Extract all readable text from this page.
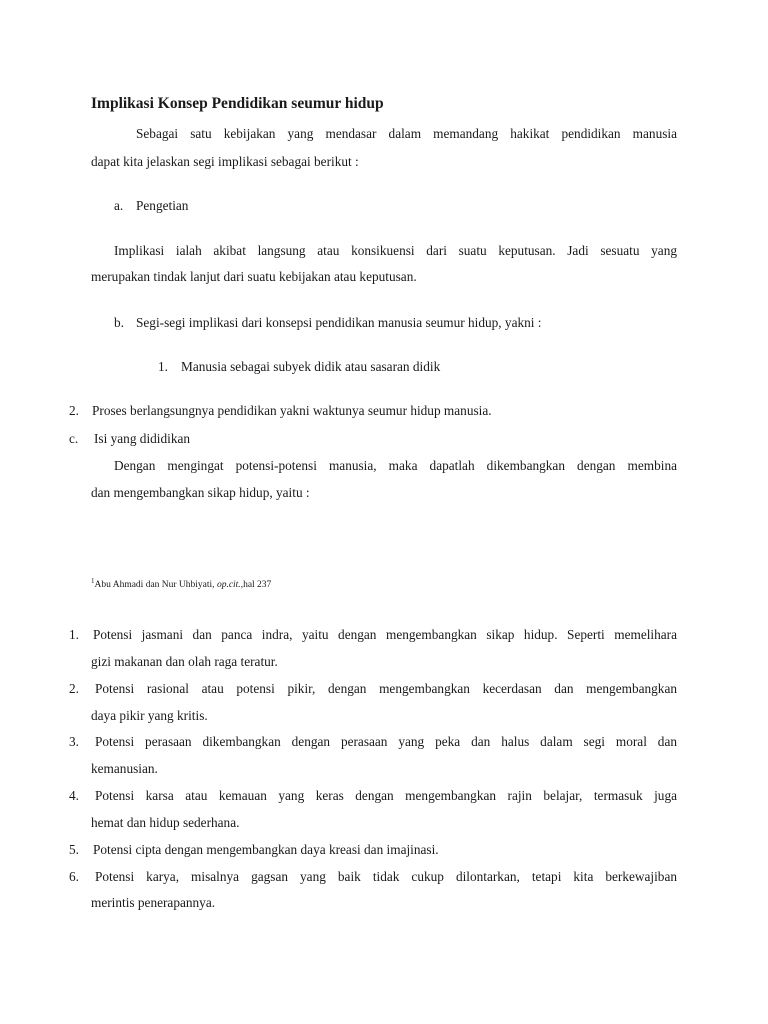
Implikasi Konsep Pendidikan seumur hidup
Sebagai satu kebijakan yang mendasar dalam memandang hakikat pendidikan manusia
dapat kita jelaskan segi implikasi sebagai berikut :
a. Pengetian
Implikasi ialah akibat langsung atau konsikuensi dari suatu keputusan. Jadi sesuatu yang
merupakan tindak lanjut dari suatu kebijakan atau keputusan.
b. Segi-segi implikasi dari konsepsi pendidikan manusia seumur hidup, yakni :
1. Manusia sebagai subyek didik atau sasaran didik
2. Proses berlangsungnya pendidikan yakni waktunya seumur hidup manusia.
c. Isi yang dididikan
Dengan mengingat potensi-potensi manusia, maka dapatlah dikembangkan dengan membina
dan mengembangkan sikap hidup, yaitu :
$^1$Abu Ahmadi dan Nur Uhbiyati, op.cit.,hal 237
1. Potensi jasmani dan panca indra, yaitu dengan mengembangkan sikap hidup. Seperti memelihara
gizi makanan dan olah raga teratur.
2. Potensi rasional atau potensi pikir, dengan mengembangkan kecerdasan dan mengembangkan
daya pikir yang kritis.
3. Potensi perasaan dikembangkan dengan perasaan yang peka dan halus dalam segi moral dan
kemanusian.
4. Potensi karsa atau kemauan yang keras dengan mengembangkan rajin belajar, termasuk juga
hemat dan hidup sederhana.
5. Potensi cipta dengan mengembangkan daya kreasi dan imajinasi.
6. Potensi karya, misalnya gagsan yang baik tidak cukup dilontarkan, tetapi kita berkewajiban
merintis penerapannya.
